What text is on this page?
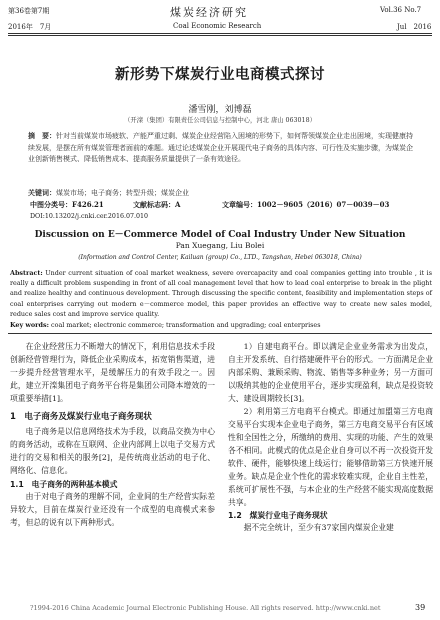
第36卷第7期	煤炭经济研究	Vol.36 No.7
2016年　7月	Coal Economic Research	Jul　2016
新形势下煤炭行业电商模式探讨
潘雪刚，刘博磊
（开滦（集团）有限责任公司信息与控制中心，河北 唐山 063018）
摘　要：针对当前煤炭市场疲软、产能严重过剩、煤炭企业经营陷入困境的形势下，如何帮领煤炭企业走出困境，实现健康持续发展，是摆在所有煤炭管理者面前的难题。通过论述煤炭企业开展现代电子商务的具体内容、可行性及实施步骤，为煤炭企业创新销售模式、降低销售成本、提高服务质量提供了一条有效途径。
关键词：煤炭市场；电子商务；转型升级；煤炭企业
中图分类号：F426.21	文献标志码：A	文章编号：1002－9605（2016）07－0039－03
DOI:10.13202/j.cnki.cer.2016.07.010
Discussion on E－Commerce Model of Coal Industry Under New Situation
Pan Xuegang, Liu Bolei
(Information and Control Center, Kailuan (group) Co., LTD., Tangshan, Hebei 063018, China)
Abstract: Under current situation of coal market weakness, severe overcapacity and coal companies getting into trouble , it is really a difficult problem suspending in front of all coal management level that how to lead coal enterprise to break in the plight and realize healthy and continuous development. Through discussing the specific content, feasibility and implementation steps of coal enterprises carrying out modern e－commerce model, this paper provides an effective way to create new sales model, reduce sales cost and improve service quality.
Key words: coal market; electronic commerce; transformation and upgrading; coal enterprises

在企业经营压力不断增大的情况下，利用信息技术手段创新经营管理行为，降低企业采购成本，拓宽销售渠道，进一步提升经营管理水平，是缓解压力的有效手段之一。因此，建立开滦集团电子商务平台将是集团公司降本增效的一项重要举措[1]。

1　电子商务及煤炭行业电子商务现状

电子商务是以信息网络技术为手段，以商品交换为中心的商务活动，或称在互联网、企业内部网上以电子交易方式进行的交易和相关的服务[2]，是传统商业活动的电子化、网络化、信息化。

1.1　电子商务的两种基本模式

由于对电子商务的理解不同，企业间的生产经营实际差异较大，目前在煤炭行业还没有一个成型的电商模式来参考，但总的说有以下两种形式。

1）自建电商平台。即以满足企业业务需求为出发点，自主开发系统、自行搭建硬件平台的形式。一方面满足企业内部采购、兼顾采购、物流、销售等多种业务；另一方面可以吸纳其他的企业使用平台，逐步实现盈利，缺点是投资较大、建设周期较长[3]。

2）利用第三方电商平台模式。即通过加盟第三方电商交易平台实现本企业电子商务，第三方电商交易平台有区域性和全国性之分，所缴纳的费用、实现的功能、产生的效果各不相同。此模式的优点是企业自身可以不再一次投资开发软件、硬件，能够快速上线运行；能够借助第三方快速开展业务。缺点是企业个性化的需求较难实现，企业自主性差，系统可扩展性不强，与本企业的生产经营不能实现高度数据共享。

1.2　煤炭行业电子商务现状

据不完全统计，至少有37家国内煤炭企业建

?1994-2016 China Academic Journal Electronic Publishing House. All rights reserved. http://www.cnki.net	39
